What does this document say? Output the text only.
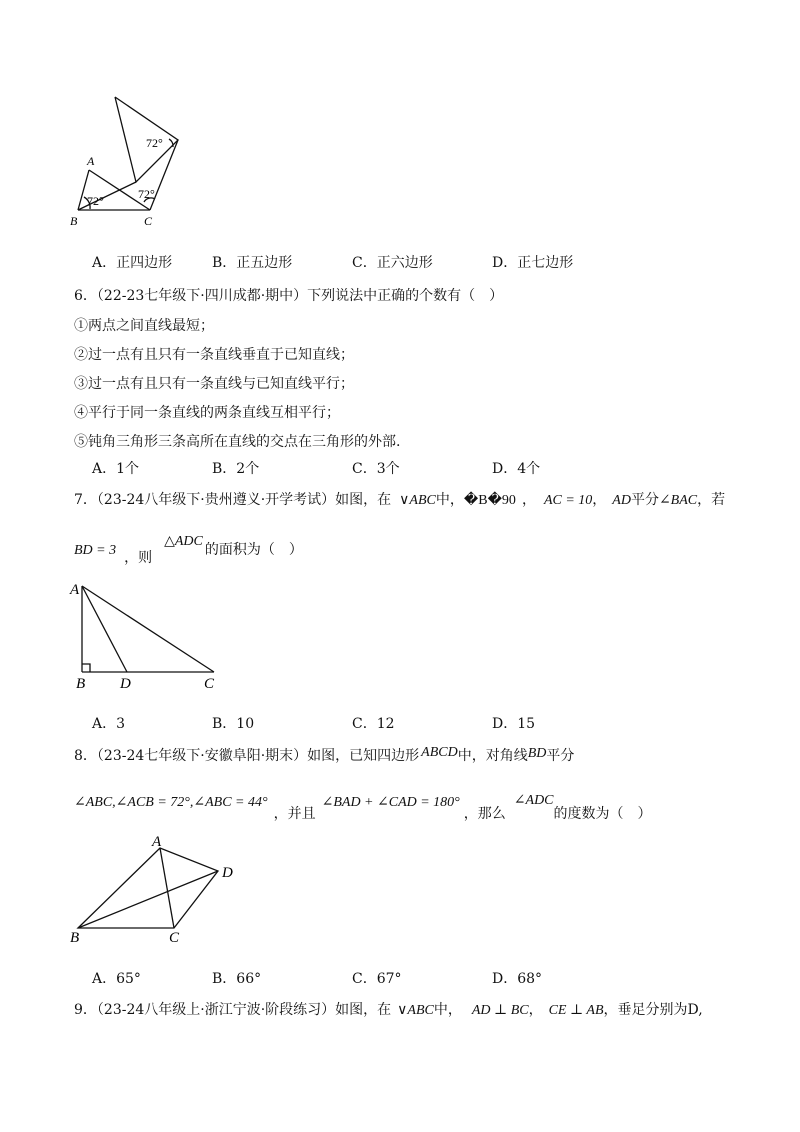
72°
72°
72°
A
B	C
A．正四边形	B．正五边形	C．正六边形	D．正七边形
6．（22-23七年级下·四川成都·期中）下列说法中正确的个数有（　）
①两点之间直线最短；
②过一点有且只有一条直线垂直于已知直线；
③过一点有且只有一条直线与已知直线平行；
④平行于同一条直线的两条直线互相平行；
⑤钝角三角形三条高所在直线的交点在三角形的外部.
A．1个	B．2个	C．3个	D．4个
7．（23-24八年级下·贵州遵义·开学考试）如图，在 ∨ABC中，�B�90 ， AC = 10， AD平分∠BAC，若
BD = 3 ，则△ADC的面积为（　）
A
B D	C
A．3	B．10	C．12	D．15
8．（23-24七年级下·安徽阜阳·期末）如图，已知四边形 ABCD中，对角线BD平分
∠ABC,∠ACB = 72°,∠ABC = 44°，并且∠BAD + ∠CAD = 180°，那么∠ADC的度数为（　）
A
D
B	C
A．65°	B．66°	C．67°	D．68°
9．（23-24八年级上·浙江宁波·阶段练习）如图，在 ∨ABC中， AD ⊥ BC， CE ⊥ AB，垂足分别为D,
